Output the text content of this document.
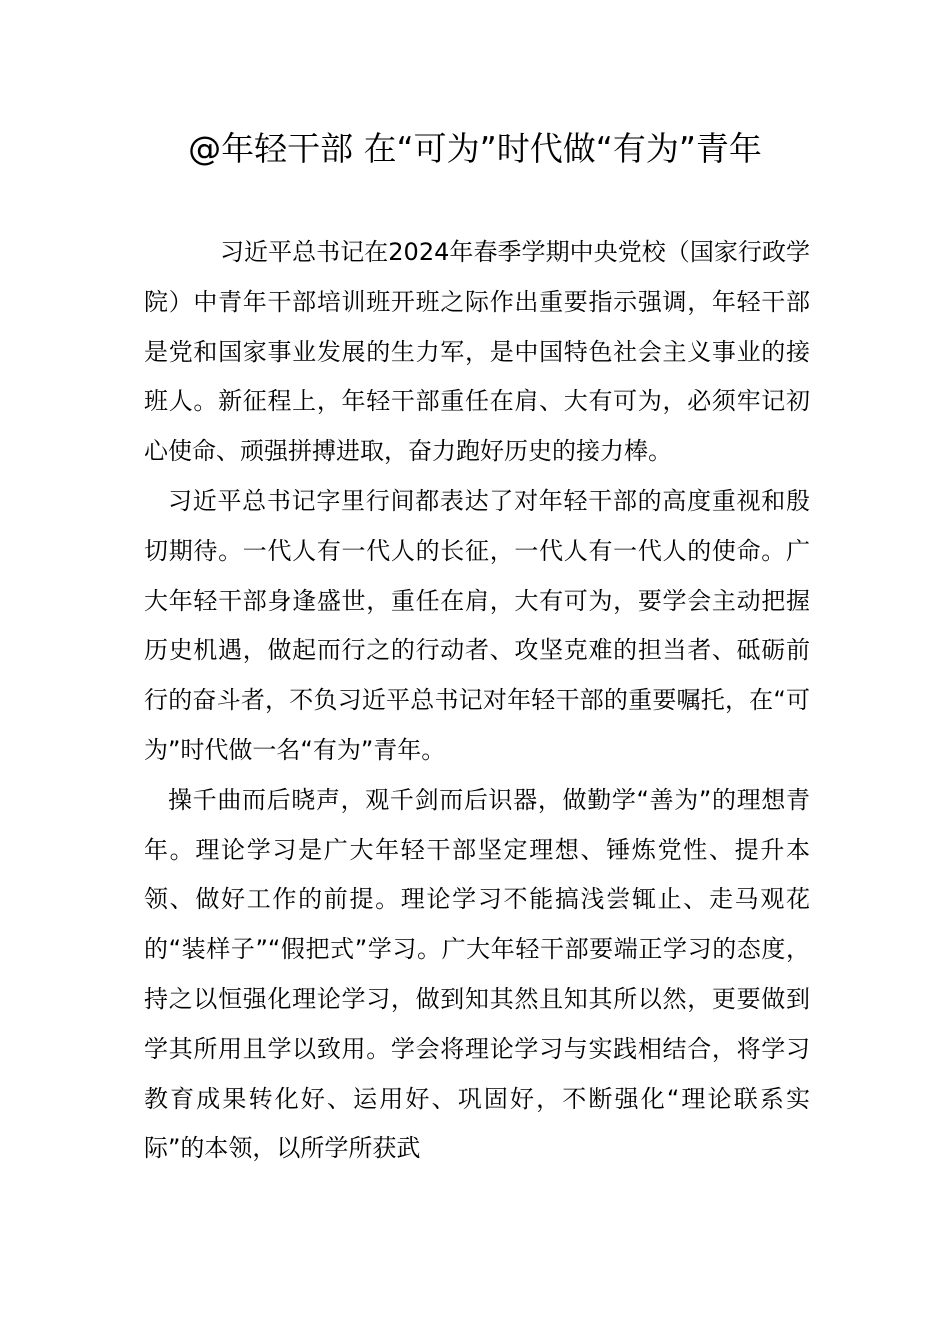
@年轻干部 在“可为”时代做“有为”青年

习近平总书记在2024年春季学期中央党校（国家行政学院）中青年干部培训班开班之际作出重要指示强调，年轻干部是党和国家事业发展的生力军，是中国特色社会主义事业的接班人。新征程上，年轻干部重任在肩、大有可为，必须牢记初心使命、顽强拼搏进取，奋力跑好历史的接力棒。

习近平总书记字里行间都表达了对年轻干部的高度重视和殷切期待。一代人有一代人的长征，一代人有一代人的使命。广大年轻干部身逢盛世，重任在肩，大有可为，要学会主动把握历史机遇，做起而行之的行动者、攻坚克难的担当者、砥砺前行的奋斗者，不负习近平总书记对年轻干部的重要嘱托，在“可为”时代做一名“有为”青年。

操千曲而后晓声，观千剑而后识器，做勤学“善为”的理想青年。理论学习是广大年轻干部坚定理想、锤炼党性、提升本领、做好工作的前提。理论学习不能搞浅尝辄止、走马观花的“装样子”“假把式”学习。广大年轻干部要端正学习的态度，持之以恒强化理论学习，做到知其然且知其所以然，更要做到学其所用且学以致用。学会将理论学习与实践相结合，将学习教育成果转化好、运用好、巩固好，不断强化“理论联系实际”的本领，以所学所获武
